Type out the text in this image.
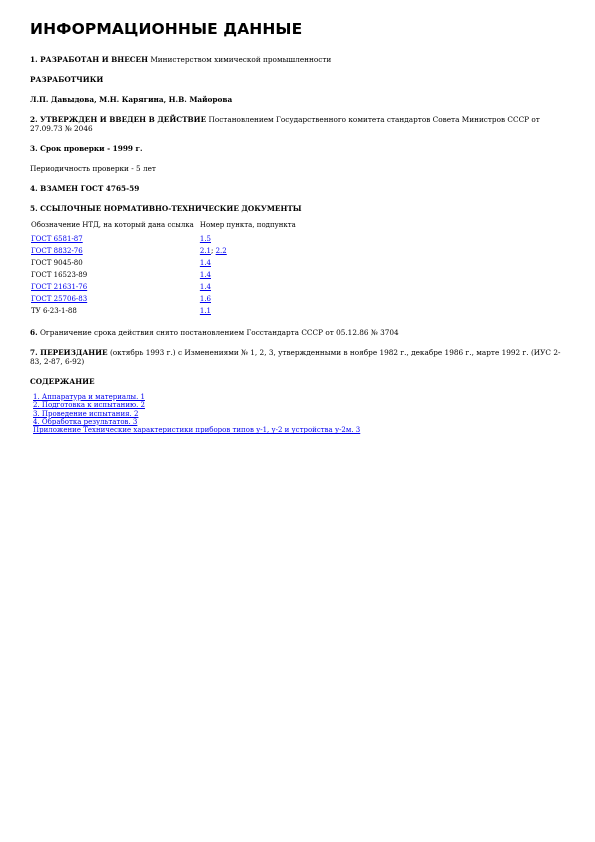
ИНФОРМАЦИОННЫЕ ДАННЫЕ

1. РАЗРАБОТАН И ВНЕСЕН Министерством химической промышленности

РАЗРАБОТЧИКИ

Л.П. Давыдова, М.Н. Карягина, Н.В. Майорова

2. УТВЕРЖДЕН И ВВЕДЕН В ДЕЙСТВИЕ Постановлением Государственного комитета стандартов Совета Министров СССР от 27.09.73 № 2046

3. Срок проверки - 1999 г.

Периодичность проверки - 5 лет

4. ВЗАМЕН ГОСТ 4765-59

5. ССЫЛОЧНЫЕ НОРМАТИВНО-ТЕХНИЧЕСКИЕ ДОКУМЕНТЫ

Обозначение НТД, на который дана ссылка	Номер пункта, подпункта
ГОСТ 6581-87	1.5
ГОСТ 8832-76	2.1; 2.2
ГОСТ 9045-80	1.4
ГОСТ 16523-89	1.4
ГОСТ 21631-76	1.4
ГОСТ 25706-83	1.6
ТУ 6-23-1-88	1.1

6. Ограничение срока действия снято постановлением Госстандарта СССР от 05.12.86 № 3704

7. ПЕРЕИЗДАНИЕ (октябрь 1993 г.) с Изменениями № 1, 2, 3, утвержденными в ноябре 1982 г., декабре 1986 г., марте 1992 г. (ИУС 2-83, 2-87, 6-92)

СОДЕРЖАНИЕ

1. Аппаратура и материалы. 1
2. Подготовка к испытанию. 2
3. Проведение испытания. 2
4. Обработка результатов. 3
Приложение Технические характеристики приборов типов у-1, у-2 и устройства у-2м. 3
